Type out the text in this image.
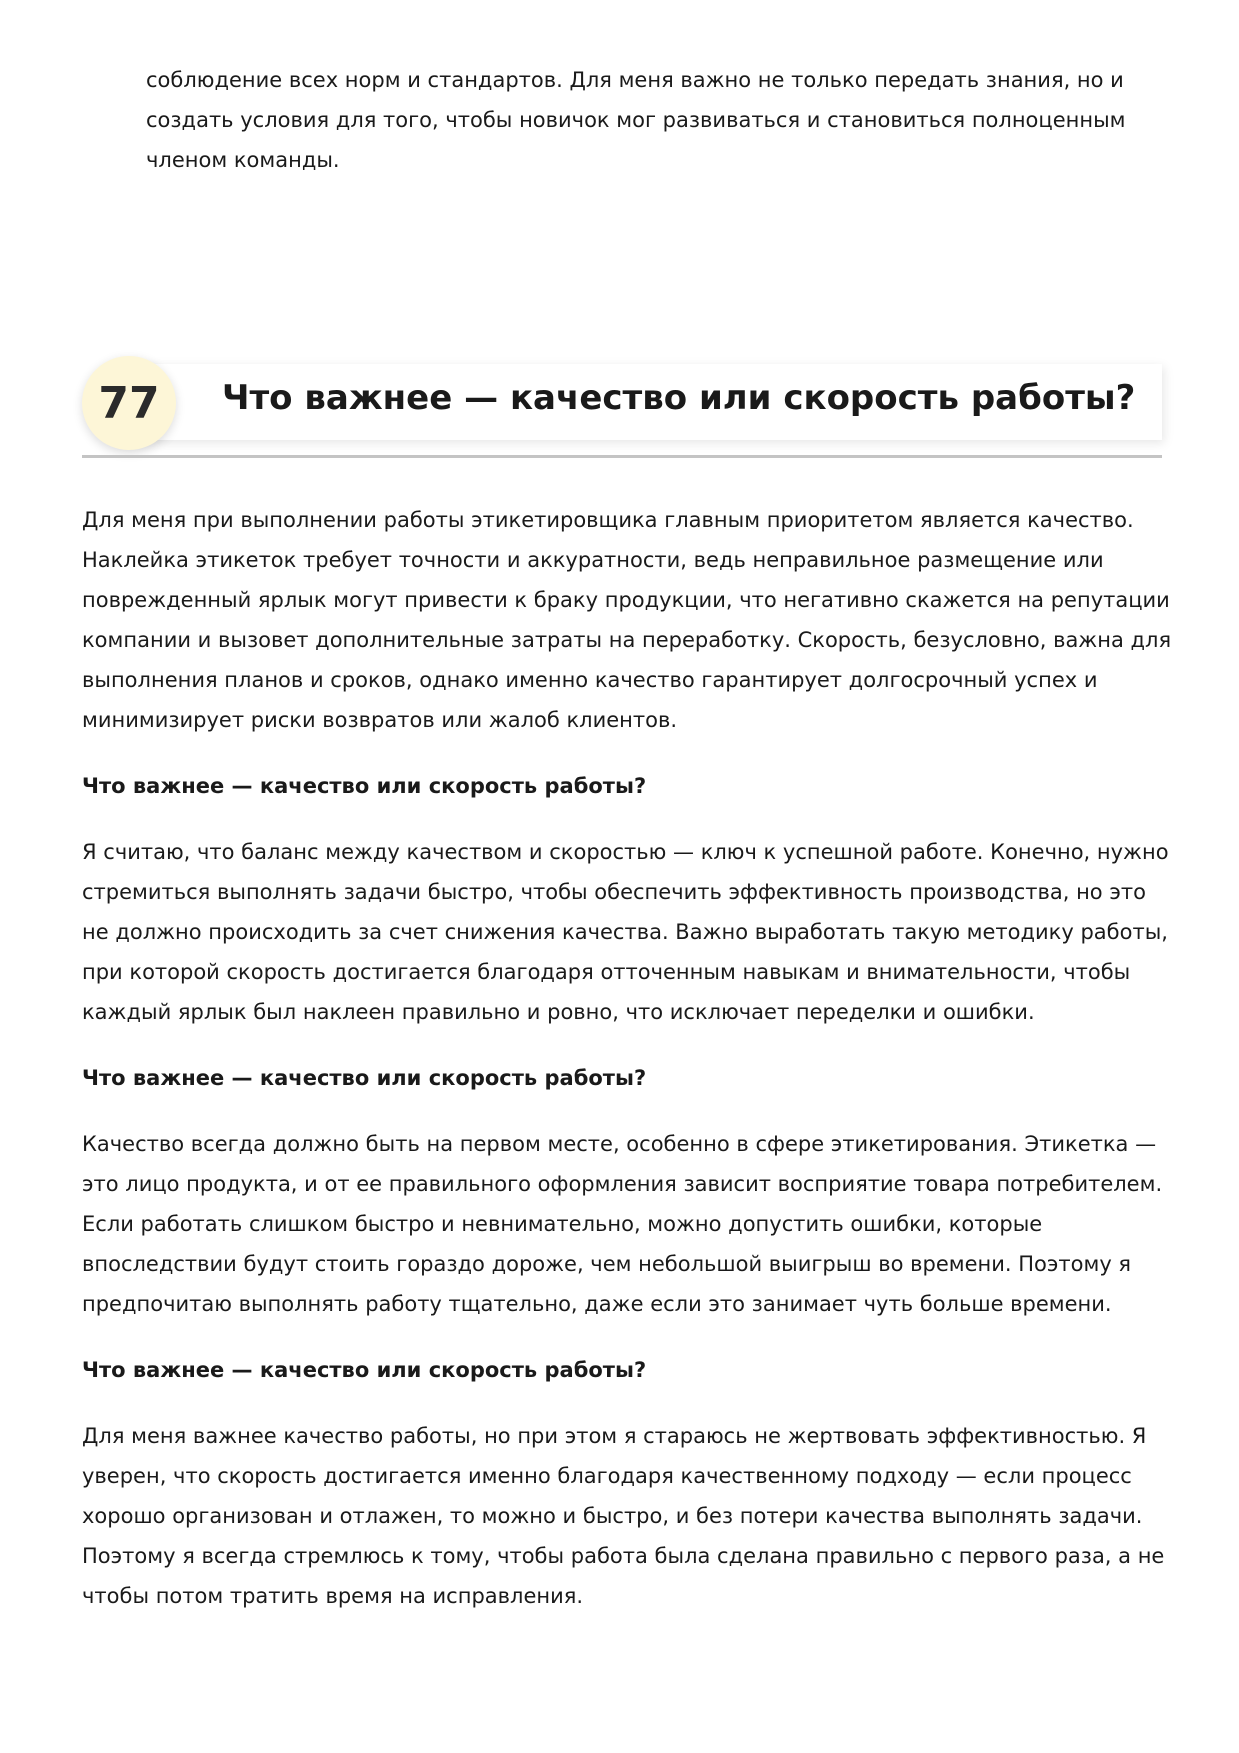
соблюдение всех норм и стандартов. Для меня важно не только передать знания, но и создать условия для того, чтобы новичок мог развиваться и становиться полноценным членом команды.

77	Что важнее — качество или скорость работы?

Для меня при выполнении работы этикетировщика главным приоритетом является качество. Наклейка этикеток требует точности и аккуратности, ведь неправильное размещение или поврежденный ярлык могут привести к браку продукции, что негативно скажется на репутации компании и вызовет дополнительные затраты на переработку. Скорость, безусловно, важна для выполнения планов и сроков, однако именно качество гарантирует долгосрочный успех и минимизирует риски возвратов или жалоб клиентов.

Что важнее — качество или скорость работы?

Я считаю, что баланс между качеством и скоростью — ключ к успешной работе. Конечно, нужно стремиться выполнять задачи быстро, чтобы обеспечить эффективность производства, но это не должно происходить за счет снижения качества. Важно выработать такую методику работы, при которой скорость достигается благодаря отточенным навыкам и внимательности, чтобы каждый ярлык был наклеен правильно и ровно, что исключает переделки и ошибки.

Что важнее — качество или скорость работы?

Качество всегда должно быть на первом месте, особенно в сфере этикетирования. Этикетка — это лицо продукта, и от ее правильного оформления зависит восприятие товара потребителем. Если работать слишком быстро и невнимательно, можно допустить ошибки, которые впоследствии будут стоить гораздо дороже, чем небольшой выигрыш во времени. Поэтому я предпочитаю выполнять работу тщательно, даже если это занимает чуть больше времени.

Что важнее — качество или скорость работы?

Для меня важнее качество работы, но при этом я стараюсь не жертвовать эффективностью. Я уверен, что скорость достигается именно благодаря качественному подходу — если процесс хорошо организован и отлажен, то можно и быстро, и без потери качества выполнять задачи. Поэтому я всегда стремлюсь к тому, чтобы работа была сделана правильно с первого раза, а не чтобы потом тратить время на исправления.
